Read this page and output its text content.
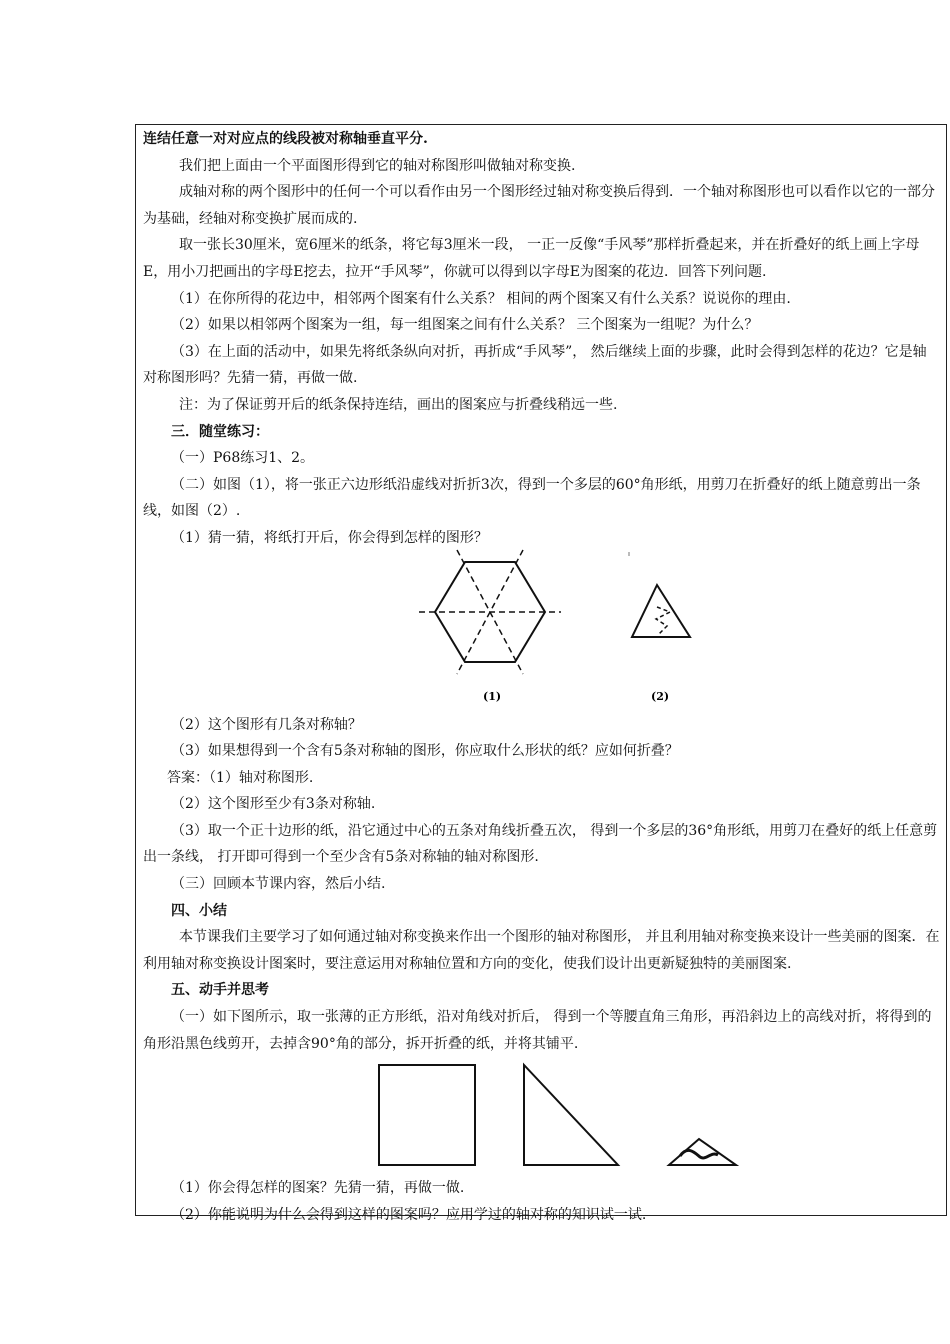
连结任意一对对应点的线段被对称轴垂直平分.

我们把上面由一个平面图形得到它的轴对称图形叫做轴对称变换.

成轴对称的两个图形中的任何一个可以看作由另一个图形经过轴对称变换后得到．一个轴对称图形也可以看作以它的一部分为基础，经轴对称变换扩展而成的.

取一张长30厘米，宽6厘米的纸条，将它每3厘米一段， 一正一反像“手风琴”那样折叠起来，并在折叠好的纸上画上字母E，用小刀把画出的字母E挖去，拉开“手风琴”，你就可以得到以字母E为图案的花边．回答下列问题.

（1）在你所得的花边中，相邻两个图案有什么关系？ 相间的两个图案又有什么关系？说说你的理由.

（2）如果以相邻两个图案为一组，每一组图案之间有什么关系？ 三个图案为一组呢？为什么？

（3）在上面的活动中，如果先将纸条纵向对折，再折成“手风琴”， 然后继续上面的步骤，此时会得到怎样的花边？它是轴对称图形吗？先猜一猜，再做一做.

注：为了保证剪开后的纸条保持连结，画出的图案应与折叠线稍远一些.

三．随堂练习：

（一）P68练习1、2。

（二）如图（1），将一张正六边形纸沿虚线对折折3次，得到一个多层的60°角形纸，用剪刀在折叠好的纸上随意剪出一条线，如图（2）.

（1）猜一猜，将纸打开后，你会得到怎样的图形？

(1)	(2)

（2）这个图形有几条对称轴？

（3）如果想得到一个含有5条对称轴的图形，你应取什么形状的纸？应如何折叠？

答案：（1）轴对称图形.

（2）这个图形至少有3条对称轴.

（3）取一个正十边形的纸，沿它通过中心的五条对角线折叠五次， 得到一个多层的36°角形纸，用剪刀在叠好的纸上任意剪出一条线， 打开即可得到一个至少含有5条对称轴的轴对称图形.

（三）回顾本节课内容，然后小结.

四、小结

本节课我们主要学习了如何通过轴对称变换来作出一个图形的轴对称图形， 并且利用轴对称变换来设计一些美丽的图案．在利用轴对称变换设计图案时，要注意运用对称轴位置和方向的变化，使我们设计出更新疑独特的美丽图案.

五、动手并思考

（一）如下图所示，取一张薄的正方形纸，沿对角线对折后， 得到一个等腰直角三角形，再沿斜边上的高线对折，将得到的角形沿黑色线剪开，去掉含90°角的部分，拆开折叠的纸，并将其铺平.

（1）你会得怎样的图案？先猜一猜，再做一做.

（2）你能说明为什么会得到这样的图案吗？应用学过的轴对称的知识试一试.
